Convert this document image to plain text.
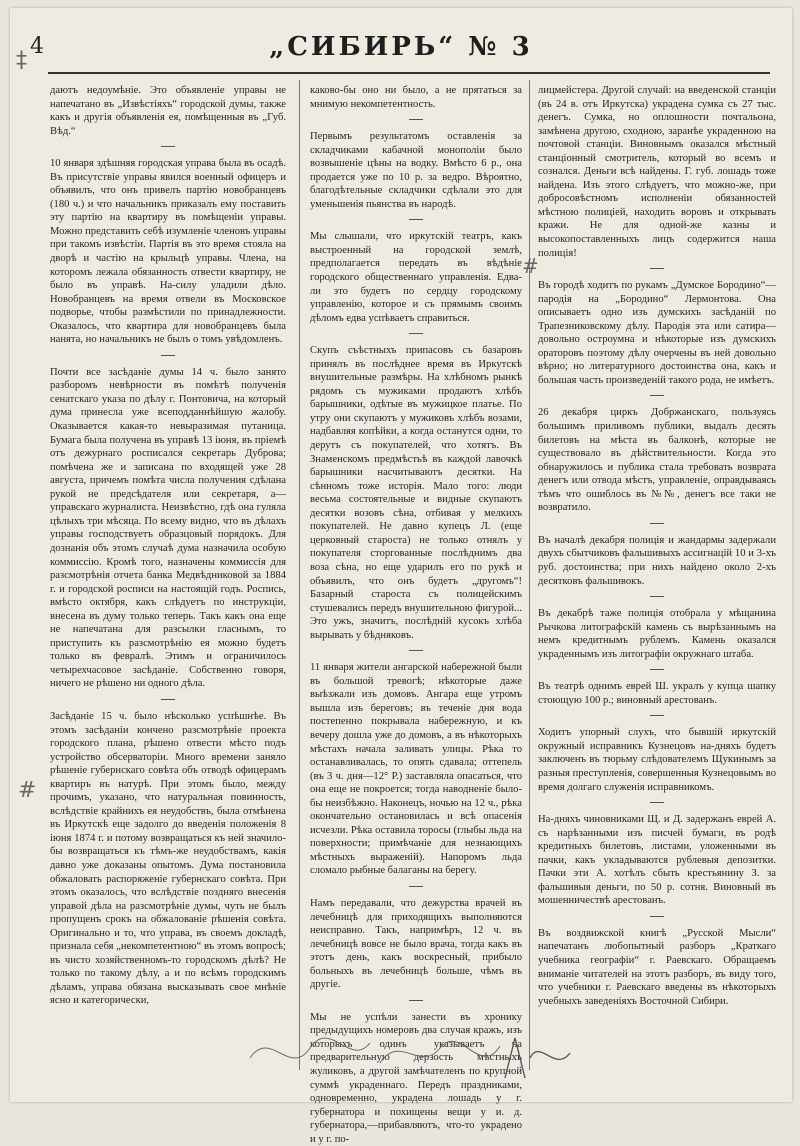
4	„СИБИРЬ“ № 3

даютъ недоумѣніе. Это объявленіе управы не напечатано въ „Извѣстіяхъ“ городской думы, также какъ и другія объявленія ея, помѣщенныя въ „Губ. Вѣд.“

10 января здѣшняя городская управа была въ осадѣ. Въ присутствіе управы явился военный офицеръ и объявилъ, что онъ привелъ партію новобранцевъ (180 ч.) и что начальникъ приказалъ ему поставить эту партію на квартиру въ помѣщеніи управы. Можно представить себѣ изумленіе членовъ управы при такомъ извѣстіи. Партія въ это время стояла на дворѣ и частію на крыльцѣ управы. Члена, на которомъ лежала обязанность отвести квартиру, не было въ управѣ. На-силу уладили дѣло. Новобранцевъ на время отвели въ Московское подворье, чтобы размѣстили по принадлежности. Оказалось, что квартира для новобранцевъ была нанята, но начальникъ не былъ о томъ увѣдомленъ.

Почти все засѣданіе думы 14 ч. было занято разборомъ невѣрности въ помѣтѣ полученія сенатскаго указа по дѣлу г. Понтовича, на который дума принесла уже всеподданнѣйшую жалобу. Оказывается какая-то невыразимая путаница. Бумага была получена въ управѣ 13 іюня, въ пріемѣ отъ дежурнаго росписался секретарь Дуброва; помѣчена же и записана по входящей уже 28 августа, причемъ помѣта числа получения сдѣлана рукой не предсѣдателя или секретаря, а—управскаго журналиста. Неизвѣстно, гдѣ она гуляла цѣлыхъ три мѣсяца. По всему видно, что въ дѣлахъ управы господствуетъ образцовый порядокъ. Для дознанія объ этомъ случаѣ дума назначила особую коммиссію. Кромѣ того, назначены коммиссія для разсмотрѣнія отчета банка Медвѣдниковой за 1884 г. и городской росписи на настоящій годъ. Роспись, вмѣсто октября, какъ слѣдуетъ по инструкціи, внесена въ думу только теперь. Такъ какъ она еще не напечатана для разсылки гласнымъ, то приступить къ разсмотрѣнію ея можно будетъ только въ февралѣ. Этимъ и ограничилось четырехчасовое засѣданіе. Собственно говоря, ничего не рѣшено ни одного дѣла.

Засѣданіе 15 ч. было нѣсколько успѣшнѣе. Въ этомъ засѣданіи кончено разсмотрѣніе проекта городского плана, рѣшено отвести мѣсто подъ устройство обсерваторіи. Много времени заняло рѣшеніе губернскаго совѣта объ отводѣ офицерамъ квартиръ въ натурѣ. При этомъ было, между прочимъ, указано, что натуральная повинность, вслѣдствіе крайнихъ ея неудобствъ, была отмѣнена въ Иркутскѣ еще задолго до введенія положенія 8 іюня 1874 г. и потому возвращаться къ ней значило-бы возвращаться къ тѣмъ-же неудобствамъ, какія давно уже доказаны опытомъ. Дума постановила обжаловать распоряженіе губернскаго совѣта. При этомъ оказалось, что вслѣдствіе поздняго внесенія управой дѣла на разсмотрѣніе думы, чуть не былъ пропущенъ срокъ на обжалованіе рѣшенія совѣта. Оригинально и то, что управа, въ своемъ докладѣ, признала себя „некомпетентною“ въ этомъ вопросѣ; въ чисто хозяйственномъ-то городскомъ дѣлѣ? Не только по такому дѣлу, а и по всѣмъ городскимъ дѣламъ, управа обязана высказывать свое мнѣніе ясно и категорически,

каково-бы оно ни было, а не прятаться за мнимую некомпетентность.

Первымъ результатомъ оставленія за складчиками кабачной монополіи было возвышеніе цѣны на водку. Вмѣсто 6 р., она продается уже по 10 р. за ведро. Вѣроятно, благодѣтельные складчики сдѣлали это для уменьшенія пьянства въ народѣ.

Мы слышали, что иркутскій театръ, какъ выстроенный на городской землѣ, предполагается передать въ вѣдѣніе городского общественнаго управленія. Едва-ли это будетъ по сердцу городскому управленію, которое и съ прямымъ своимъ дѣломъ едва успѣваетъ справиться.

Скупъ съѣстныхъ припасовъ съ базаровъ принялъ въ послѣднее время въ Иркутскѣ внушительные размѣры. На хлѣбномъ рынкѣ рядомъ съ мужиками продаютъ хлѣбъ барышники, одѣтые въ мужицкое платье. По утру они скупаютъ у мужиковъ хлѣбъ возами, надбавляя копѣйки, а когда останутся одни, то дерутъ съ покупателей, что хотятъ. Въ Знаменскомъ предмѣстьѣ въ каждой лавочкѣ барышники насчитываютъ десятки. На сѣнномъ тоже исторія. Мало того: люди весьма состоятельные и видные скупаютъ десятки возовъ сѣна, отбивая у мелкихъ покупателей. Не давно купецъ Л. (еще церковный староста) не только отнялъ у покупателя сторгованные послѣднимъ два воза сѣна, но еще ударилъ его по рукѣ и объявилъ, что онъ будетъ „другомъ“! Базарный староста съ полицейскимъ стушевались передъ внушительною фигурой... Это ужъ, значитъ, послѣдній кусокъ хлѣба вырывать у бѣдняковъ.

11 января жители ангарской набережной были въ большой тревогѣ; нѣкоторые даже выѣзжали изъ домовъ. Ангара еще утромъ вышла изъ береговъ; въ теченіе дня вода постепенно покрывала набережную, и къ вечеру дошла уже до домовъ, а въ нѣкоторыхъ мѣстахъ начала заливать улицы. Рѣка то останавливалась, то опять сдавала; оттепель (въ 3 ч. дня—12° Р.) заставляла опасаться, что она еще не покроется; тогда наводненіе было-бы неизбѣжно. Наконецъ, ночью на 12 ч., рѣка окончательно остановилась и всѣ опасенія исчезли. Рѣка оставила торосы (глыбы льда на поверхности; примѣчаніе для незнающихъ мѣстныхъ выраженій). Напоромъ льда сломало рыбные балаганы на берегу.

Намъ передавали, что дежурства врачей въ лечебницѣ для приходящихъ выполняются неисправно. Такъ, напримѣръ, 12 ч. въ лечебницѣ вовсе не было врача, тогда какъ въ этотъ день, какъ воскресный, прибыло больныхъ въ лечебницѣ больше, чѣмъ въ другіе.

Мы не успѣли занести въ хронику предыдущихъ номеровъ два случая кражъ, изъ которыхъ одинъ указываетъ на предварительную дерзость мѣстныхъ жуликовъ, а другой замѣчателенъ по крупной суммѣ украденнаго. Передъ праздниками, одновременно, украдена лошадь у г. губернатора и похищены вещи у и. д. губернатора,—прибавляютъ, что-то украдено и у г. по-

лицмейстера. Другой случай: на введенской станціи (въ 24 в. отъ Иркутска) украдена сумка съ 27 тыс. денегъ. Сумка, но оплошности почтальона, замѣнена другою, сходною, заранѣе украденною на почтовой станціи. Виновнымъ оказался мѣстный станціонный смотритель, который во всемъ и сознался. Деньги всѣ найдены. Г. губ. лошадь тоже найдена. Изъ этого слѣдуетъ, что можно-же, при добросовѣстномъ исполненіи обязанностей мѣстною полиціей, находить воровъ и открывать кражи. Не для одной-же казны и высокопоставленныхъ лицъ содержится наша полиція!

Въ городѣ ходитъ по рукамъ „Думское Бородино“—пародія на „Бородино“ Лермонтова. Она описываетъ одно изъ думскихъ засѣданій по Трапезниковскому дѣлу. Пародія эта или сатира—довольно остроумна и нѣкоторые изъ думскихъ ораторовъ поэтому дѣлу очерчены въ ней довольно вѣрно; но литературного достоинства она, какъ и большая часть произведеній такого рода, не имѣетъ.

26 декабря циркъ Добржанскаго, пользуясь большимъ приливомъ публики, выдалъ десять билетовъ на мѣста въ балконѣ, которые не существовало въ дѣйствительности. Когда это обнаружилось и публика стала требовать возврата денегъ или отвода мѣстъ, управленіе, оправдываясь тѣмъ что ошиблось въ №№, денегъ все таки не возвратило.

Въ началѣ декабря полиція и жандармы задержали двухъ сбытчиковъ фальшивыхъ ассигнацій 10 и 3-хъ руб. достоинства; при нихъ найдено около 2-хъ десятковъ фальшивокъ.

Въ декабрѣ таже полиція отобрала у мѣщанина Рычкова литографскій камень съ вырѣзаннымъ на немъ кредитнымъ рублемъ. Камень оказался украденнымъ изъ литографіи окружнаго штаба.

Въ театрѣ однимъ еврей Ш. укралъ у купца шапку стоющую 100 р.; виновный арестованъ.

Ходитъ упорный слухъ, что бывшій иркутскій окружный исправникъ Кузнецовъ на-дняхъ будетъ заключенъ въ тюрьму слѣдователемъ Щукинымъ за разныя преступленія, совершенныя Кузнецовымъ во время долгаго служенія исправникомъ.

На-дняхъ чиновниками Щ. и Д. задержанъ еврей А. съ нарѣзанными изъ писчей бумаги, въ родѣ кредитныхъ билетовъ, листами, уложенными въ пачки, какъ укладываются рублевыя депозитки. Пачки эти А. хотѣлъ сбыть крестьянину З. за фальшивыя деньги, по 50 р. сотня. Виновный въ мошенничествѣ арестованъ.

Въ воздвижской книгѣ „Русской Мысли“ напечатанъ любопытный разборъ „Краткаго учебника географіи“ г. Раевскаго. Обращаемъ вниманіе читателей на этотъ разборъ, въ виду того, что учебники г. Раевскаго введены въ нѣкоторыхъ учебныхъ заведеніяхъ Восточной Сибири.

‡
#
#
